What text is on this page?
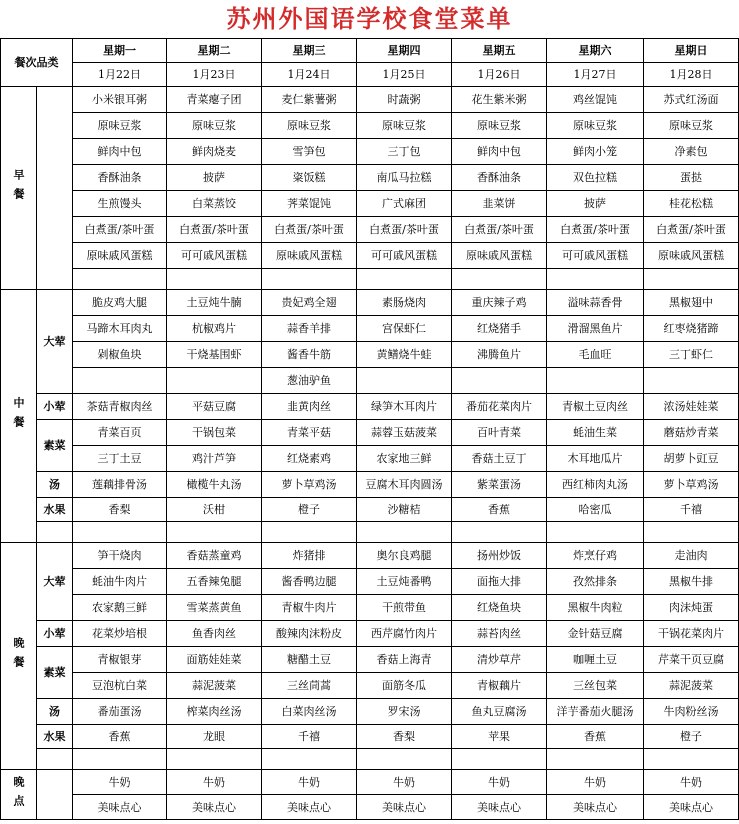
苏州外国语学校食堂菜单
餐次品类		星期一	星期二	星期三	星期四	星期五	星期六	星期日
		1月22日	1月23日	1月24日	1月25日	1月26日	1月27日	1月28日
早餐		小米银耳粥	青菜瘪子团	麦仁紫薯粥	时蔬粥	花生紫米粥	鸡丝馄饨	苏式红汤面
		原味豆浆	原味豆浆	原味豆浆	原味豆浆	原味豆浆	原味豆浆	原味豆浆
		鲜肉中包	鲜肉烧麦	雪笋包	三丁包	鲜肉中包	鲜肉小笼	净素包
		香酥油条	披萨	粢饭糕	南瓜马拉糕	香酥油条	双色拉糕	蛋挞
		生煎馒头	白菜蒸饺	荠菜馄饨	广式麻团	韭菜饼	披萨	桂花松糕
		白煮蛋/茶叶蛋	白煮蛋/茶叶蛋	白煮蛋/茶叶蛋	白煮蛋/茶叶蛋	白煮蛋/茶叶蛋	白煮蛋/茶叶蛋	白煮蛋/茶叶蛋
		原味戚风蛋糕	可可戚风蛋糕	原味戚风蛋糕	可可戚风蛋糕	原味戚风蛋糕	可可戚风蛋糕	原味戚风蛋糕

中餐	大荤	脆皮鸡大腿	土豆炖牛腩	贵妃鸡全翅	素肠烧肉	重庆辣子鸡	溢味蒜香骨	黑椒翅中
		马蹄木耳肉丸	杭椒鸡片	蒜香羊排	宫保虾仁	红烧猪手	滑溜黑鱼片	红枣烧猪蹄
		剁椒鱼块	干烧基围虾	酱香牛筋	黄鳝烧牛蛙	沸腾鱼片	毛血旺	三丁虾仁
				葱油驴鱼				
	小荤	茶菇青椒肉丝	平菇豆腐	韭黄肉丝	绿笋木耳肉片	番茄花菜肉片	青椒土豆肉丝	浓汤娃娃菜
	素菜	青菜百页	干锅包菜	青菜平菇	蒜蓉玉菇菠菜	百叶青菜	蚝油生菜	蘑菇炒青菜
		三丁土豆	鸡汁芦笋	红烧素鸡	农家地三鲜	香菇土豆丁	木耳地瓜片	胡萝卜豇豆
	汤	莲藕排骨汤	橄榄牛丸汤	萝卜草鸡汤	豆腐木耳肉圆汤	紫菜蛋汤	西红柿肉丸汤	萝卜草鸡汤
	水果	香梨	沃柑	橙子	沙糖桔	香蕉	哈密瓜	千禧

晚餐	大荤	笋干烧肉	香菇蒸童鸡	炸猪排	奥尔良鸡腿	扬州炒饭	炸烹仔鸡	走油肉
		蚝油牛肉片	五香辣兔腿	酱香鸭边腿	土豆炖番鸭	面拖大排	孜然排条	黑椒牛排
		农家鹅三鲜	雪菜蒸黄鱼	青椒牛肉片	干煎带鱼	红烧鱼块	黑椒牛肉粒	肉沫炖蛋
	小荤	花菜炒培根	鱼香肉丝	酸辣肉沫粉皮	西芹腐竹肉片	蒜苔肉丝	金针菇豆腐	干锅花菜肉片
	素菜	青椒银芽	面筋娃娃菜	糖醋土豆	香菇上海青	清炒草芹	咖喱土豆	芹菜干页豆腐
		豆泡杭白菜	蒜泥菠菜	三丝茼蒿	面筋冬瓜	青椒藕片	三丝包菜	蒜泥菠菜
	汤	番茄蛋汤	榨菜肉丝汤	白菜肉丝汤	罗宋汤	鱼丸豆腐汤	洋芋番茄火腿汤	牛肉粉丝汤
	水果	香蕉	龙眼	千禧	香梨	苹果	香蕉	橙子

晚点		牛奶	牛奶	牛奶	牛奶	牛奶	牛奶	牛奶
		美味点心	美味点心	美味点心	美味点心	美味点心	美味点心	美味点心
